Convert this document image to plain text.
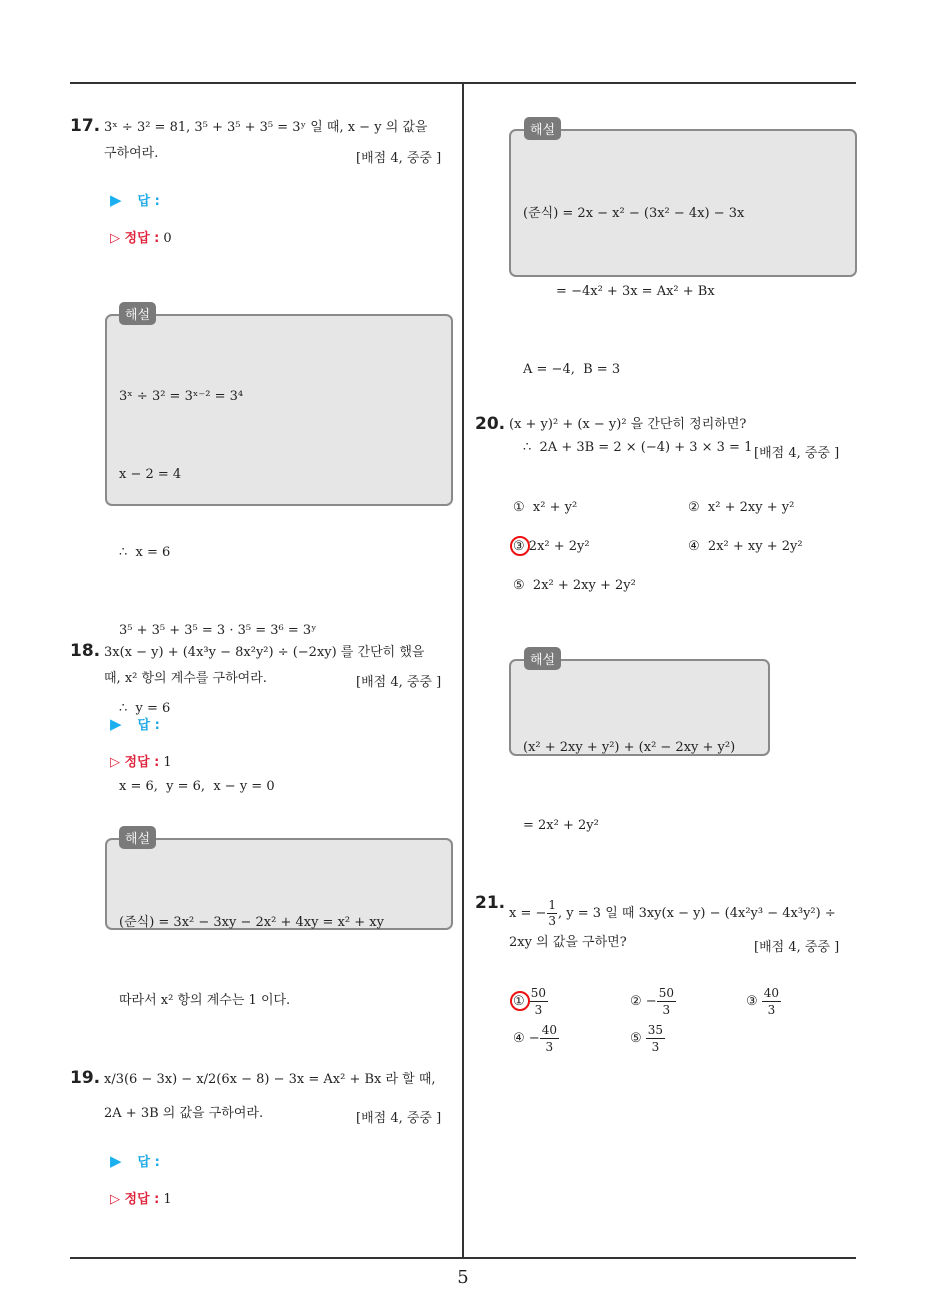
17. 3ˣ ÷ 3² = 81, 3⁵ + 3⁵ + 3⁵ = 3ʸ 일 때, x − y 의 값을
구하여라.	[배점 4, 중중 ]
▶ 답 :
▷ 정답 : 0

3ˣ ÷ 3² = 3ˣ⁻² = 3⁴

x − 2 = 4

∴  x = 6

3⁵ + 3⁵ + 3⁵ = 3 · 3⁵ = 3⁶ = 3ʸ

∴  y = 6

x = 6,  y = 6,  x − y = 0

해설
18. 3x(x − y) + (4x³y − 8x²y²) ÷ (−2xy) 를 간단히 했을
때, x² 항의 계수를 구하여라.	[배점 4, 중중 ]
▶ 답 :
▷ 정답 : 1

(준식) = 3x² − 3xy − 2x² + 4xy = x² + xy

따라서 x² 항의 계수는 1 이다.

해설
19. x/3(6 − 3x) − x/2(6x − 8) − 3x = Ax² + Bx 라 할 때,
2A + 3B 의 값을 구하여라.	[배점 4, 중중 ]
▶ 답 :
▷ 정답 : 1

(준식) = 2x − x² − (3x² − 4x) − 3x

= −4x² + 3x = Ax² + Bx

A = −4,  B = 3

∴  2A + 3B = 2 × (−4) + 3 × 3 = 1

해설
20. (x + y)² + (x − y)² 을 간단히 정리하면?
[배점 4, 중중 ]
① x² + y²	② x² + 2xy + y²
③ 2x² + 2y²	④ 2x² + xy + 2y²
⑤ 2x² + 2xy + 2y²

(x² + 2xy + y²) + (x² − 2xy + y²)

= 2x² + 2y²

해설
21.
x = − $\frac{1}{3}$ , y = 3 일 때 3xy(x − y) − (4x²y³ − 4x³y²) ÷
2xy 의 값을 구하면?	[배점 4, 중중 ]
① $\frac{50}{3}$	② − $\frac{50}{3}$	③ $\frac{40}{3}$
④ − $\frac{40}{3}$	⑤ $\frac{35}{3}$
5
